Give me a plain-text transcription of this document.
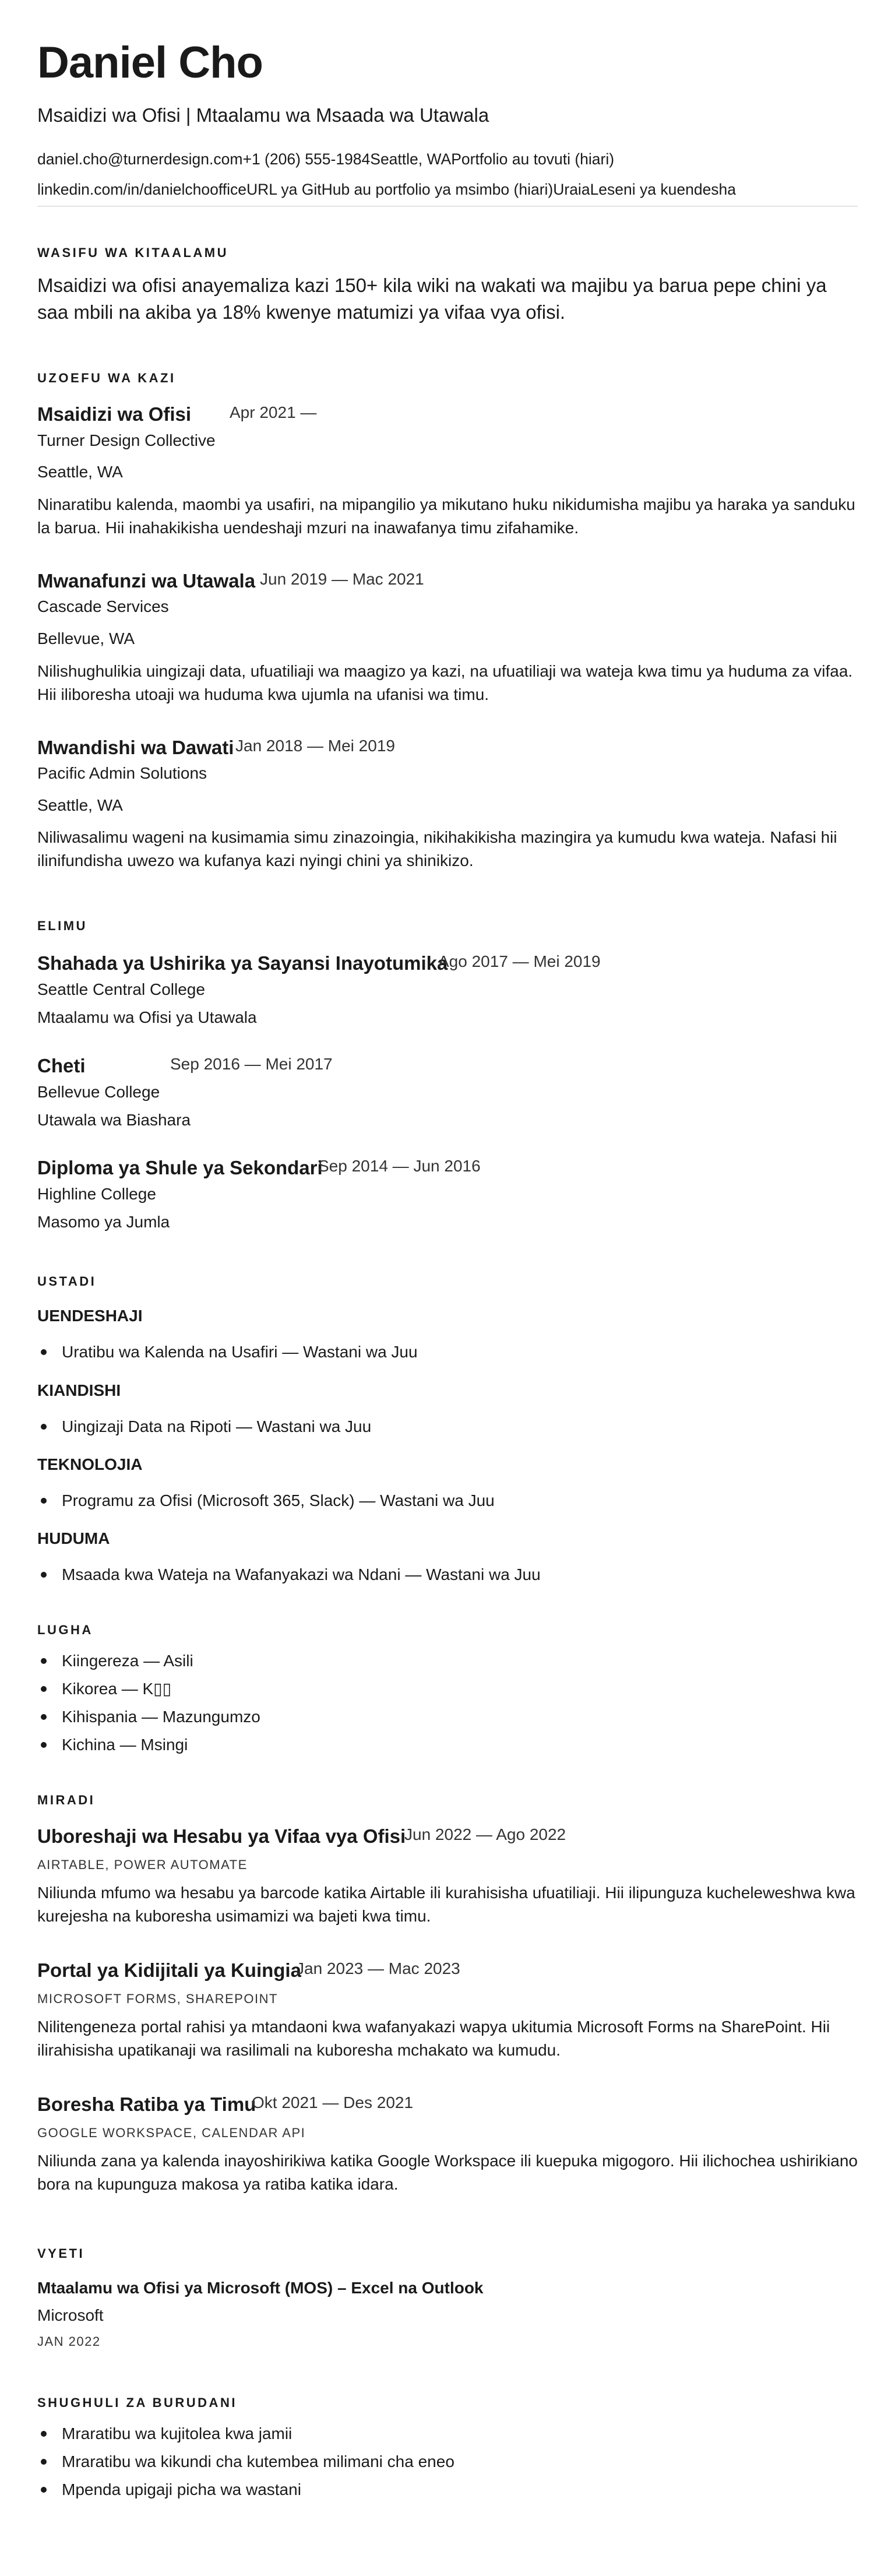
Daniel Cho
Msaidizi wa Ofisi | Mtaalamu wa Msaada wa Utawala
daniel.cho@turnerdesign.com+1 (206) 555-1984Seattle, WAPortfolio au tovuti (hiari)
linkedin.com/in/danielchoofficеURL ya GitHub au portfolio ya msimbo (hiari)UraiaLeseni ya kuendesha
WASIFU WA KITAALAMU
Msaidizi wa ofisi anayemaliza kazi 150+ kila wiki na wakati wa majibu ya barua pepe chini ya saa mbili na akiba ya 18% kwenye matumizi ya vifaa vya ofisi.
UZOEFU WA KAZI
Msaidizi wa Ofisi Apr 2021 —
Turner Design Collective
Seattle, WA
Ninaratibu kalenda, maombi ya usafiri, na mipangilio ya mikutano huku nikidumisha majibu ya haraka ya sanduku la barua. Hii inahakikisha uendeshaji mzuri na inawafanya timu zifahamike.
Mwanafunzi wa Utawala Jun 2019 — Mac 2021
Cascade Services
Bellevue, WA
Nilishughulikia uingizaji data, ufuatiliaji wa maagizo ya kazi, na ufuatiliaji wa wateja kwa timu ya huduma za vifaa. Hii iliboresha utoaji wa huduma kwa ujumla na ufanisi wa timu.
Mwandishi wa Dawati Jan 2018 — Mei 2019
Pacific Admin Solutions
Seattle, WA
Niliwasalimu wageni na kusimamia simu zinazoingia, nikihakikisha mazingira ya kumudu kwa wateja. Nafasi hii ilinifundisha uwezo wa kufanya kazi nyingi chini ya shinikizo.
ELIMU
Shahada ya Ushirika ya Sayansi Inayotumika
Ago 2017 — Mei 2019
Seattle Central College
Mtaalamu wa Ofisi ya Utawala
Cheti	Sep 2016 — Mei 2017
Bellevue College
Utawala wa Biashara
Diploma ya Shule ya Sekondari
Sep 2014 — Jun 2016
Highline College
Masomo ya Jumla
USTADI
UENDESHAJI
Uratibu wa Kalenda na Usafiri — Wastani wa Juu
KIANDISHI
Uingizaji Data na Ripoti — Wastani wa Juu
TEKNOLOJIA
Programu za Ofisi (Microsoft 365, Slack) — Wastani wa Juu
HUDUMA
Msaada kwa Wateja na Wafanyakazi wa Ndani — Wastani wa Juu
LUGHA
Kiingereza — Asili
Kikorea — K▯▯
Kihispania — Mazungumzo
Kichina — Msingi
MIRADI
Uboreshaji wa Hesabu ya Vifaa vya Ofisi
Jun 2022 — Ago 2022
AIRTABLE, POWER AUTOMATE
Niliunda mfumo wa hesabu ya barcode katika Airtable ili kurahisisha ufuatiliaji. Hii ilipunguza kucheleweshwa kwa kurejesha na kuboresha usimamizi wa bajeti kwa timu.
Portal ya Kidijitali ya Kuingia
Jan 2023 — Mac 2023
MICROSOFT FORMS, SHAREPOINT
Nilitengeneza portal rahisi ya mtandaoni kwa wafanyakazi wapya ukitumia Microsoft Forms na SharePoint. Hii ilirahisisha upatikanaji wa rasilimali na kuboresha mchakato wa kumudu.
Boresha Ratiba ya Timu
Okt 2021 — Des 2021
GOOGLE WORKSPACE, CALENDAR API
Niliunda zana ya kalenda inayoshirikiwa katika Google Workspace ili kuepuka migogoro. Hii ilichochea ushirikiano bora na kupunguza makosa ya ratiba katika idara.
VYETI
Mtaalamu wa Ofisi ya Microsoft (MOS) – Excel na Outlook
Microsoft
JAN 2022
SHUGHULI ZA BURUDANI
Mraratibu wa kujitolea kwa jamii
Mraratibu wa kikundi cha kutembea milimani cha eneo
Mpenda upigaji picha wa wastani
